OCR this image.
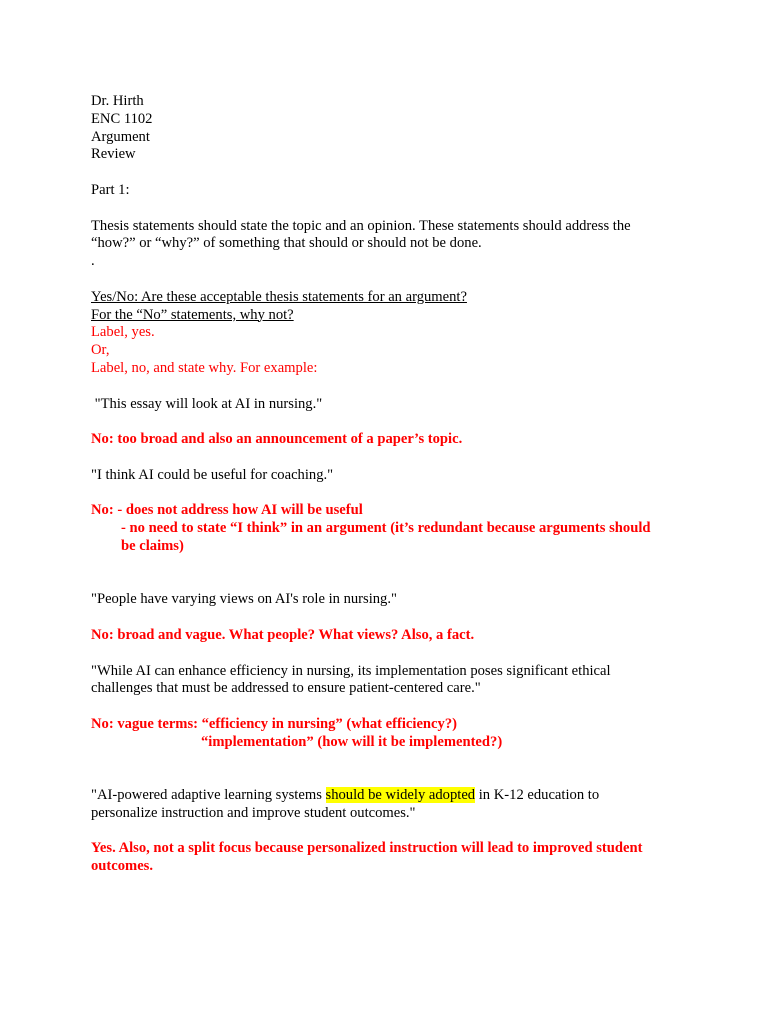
Dr. Hirth
ENC 1102
Argument
Review
Part 1:
Thesis statements should state the topic and an opinion. These statements should address the
“how?” or “why?” of something that should or should not be done.
.
Yes/No: Are these acceptable thesis statements for an argument?
For the “No” statements, why not?
Label, yes.
Or,
Label, no, and state why. For example:
"This essay will look at AI in nursing."
No: too broad and also an announcement of a paper’s topic.
"I think AI could be useful for coaching."
No: - does not address how AI will be useful
- no need to state “I think” in an argument (it’s redundant because arguments should
be claims)
"People have varying views on AI's role in nursing."
No: broad and vague. What people? What views? Also, a fact.
"While AI can enhance efficiency in nursing, its implementation poses significant ethical
challenges that must be addressed to ensure patient-centered care."
No: vague terms: “efficiency in nursing” (what efficiency?)
“implementation” (how will it be implemented?)
"AI-powered adaptive learning systems should be widely adopted in K-12 education to
personalize instruction and improve student outcomes."
Yes. Also, not a split focus because personalized instruction will lead to improved student
outcomes.
